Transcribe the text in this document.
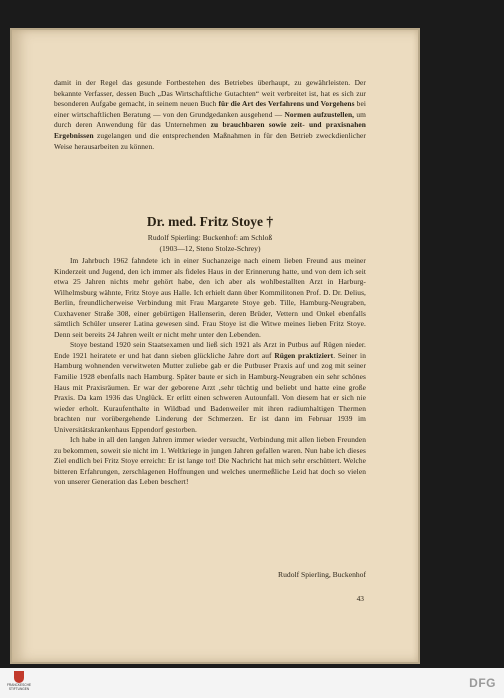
damit in der Regel das gesunde Fortbestehen des Betriebes überhaupt, zu gewährleisten. Der bekannte Verfasser, dessen Buch „Das Wirtschaftliche Gutachten“ weit verbreitet ist, hat es sich zur besonderen Aufgabe gemacht, in seinem neuen Buch für die Art des Verfahrens und Vorgehens bei einer wirtschaftlichen Beratung — von den Grundgedanken ausgehend — Normen aufzustellen, um durch deren Anwendung für das Unternehmen zu brauchbaren sowie zeit- und praxisnahen Ergebnissen zugelangen und die entsprechenden Maßnahmen in für den Betrieb zweckdienlicher Weise herausarbeiten zu können.

Dr. med. Fritz Stoye †
Rudolf Spierling: Buckenhof: am Schloß
(1903—12, Steno Stolze-Schrey)

Im Jahrbuch 1962 fahndete ich in einer Suchanzeige nach einem lieben Freund aus meiner Kinderzeit und Jugend, den ich immer als fideles Haus in der Erinnerung hatte, und von dem ich seit etwa 25 Jahren nichts mehr gehört habe, den ich aber als wohlbestallten Arzt in Harburg-Wilhelmsburg wähnte, Fritz Stoye aus Halle. Ich erhielt dann über Kommilitonen Prof. D. Dr. Delius, Berlin, freundlicherweise Verbindung mit Frau Margarete Stoye geb. Tille, Hamburg-Neugraben, Cuxhavener Straße 308, einer gebürtigen Hallenserin, deren Brüder, Vettern und Onkel ebenfalls sämtlich Schüler unserer Latina gewesen sind. Frau Stoye ist die Witwe meines lieben Fritz Stoye. Denn seit bereits 24 Jahren weilt er nicht mehr unter den Lebenden.

Stoye bestand 1920 sein Staatsexamen und ließ sich 1921 als Arzt in Putbus auf Rügen nieder. Ende 1921 heiratete er und hat dann sieben glückliche Jahre dort auf Rügen praktiziert. Seiner in Hamburg wohnenden verwitweten Mutter zuliebe gab er die Putbuser Praxis auf und zog mit seiner Familie 1928 ebenfalls nach Hamburg. Später baute er sich in Hamburg-Neugraben ein sehr schönes Haus mit Praxisräumen. Er war der geborene Arzt ‚sehr tüchtig und beliebt und hatte eine große Praxis. Da kam 1936 das Unglück. Er erlitt einen schweren Autounfall. Von diesem hat er sich nie wieder erholt. Kuraufenthalte in Wildbad und Badenweiler mit ihren radiumhaltigen Thermen brachten nur vorübergehende Linderung der Schmerzen. Er ist dann im Februar 1939 im Universitätskrankenhaus Eppendorf gestorben.

Ich habe in all den langen Jahren immer wieder versucht, Verbindung mit allen lieben Freunden zu bekommen, soweit sie nicht im 1. Weltkriege in jungen Jahren gefallen waren. Nun habe ich dieses Ziel endlich bei Fritz Stoye erreicht: Er ist lange tot! Die Nachricht hat mich sehr erschüttert. Welche bitteren Erfahrungen, zerschlagenen Hoffnungen und welches unermeßliche Leid hat doch so vielen von unserer Generation das Leben beschert!

Rudolf Spierling, Buckenhof
43
FRANCKESCHE STIFTUNGEN	DFG
